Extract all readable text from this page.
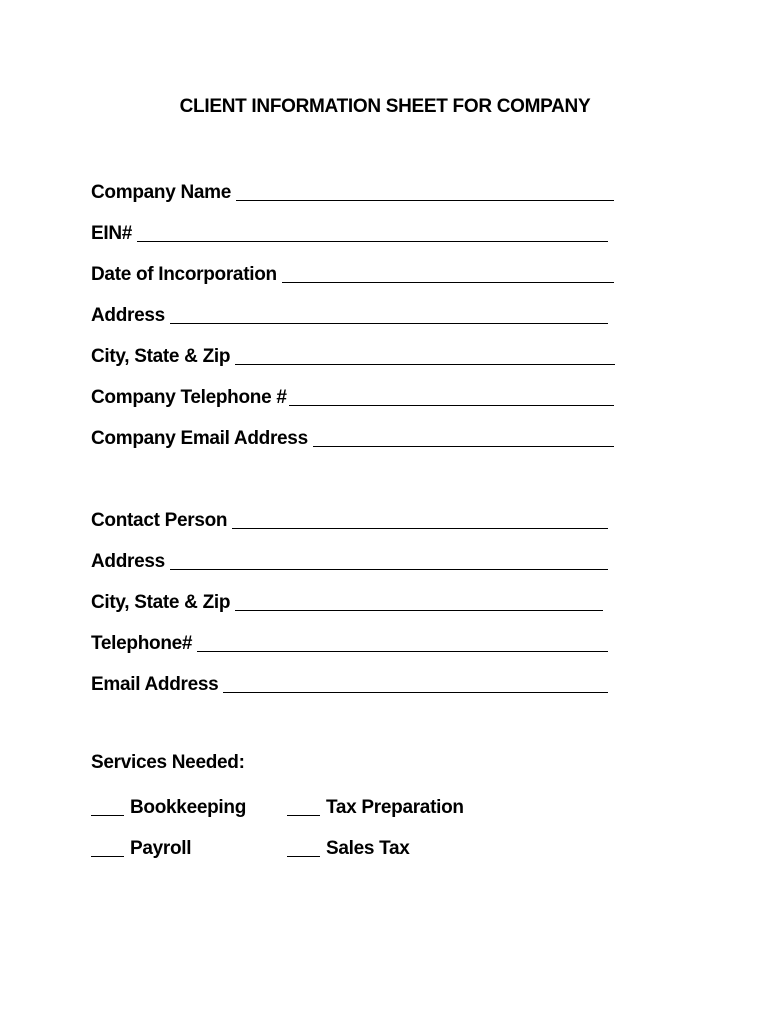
CLIENT INFORMATION SHEET FOR COMPANY
Company Name
EIN#
Date of Incorporation
Address
City, State & Zip
Company Telephone #
Company Email Address
Contact Person
Address
City, State & Zip
Telephone#
Email Address
Services Needed:
Bookkeeping	Tax Preparation
Payroll	Sales Tax
